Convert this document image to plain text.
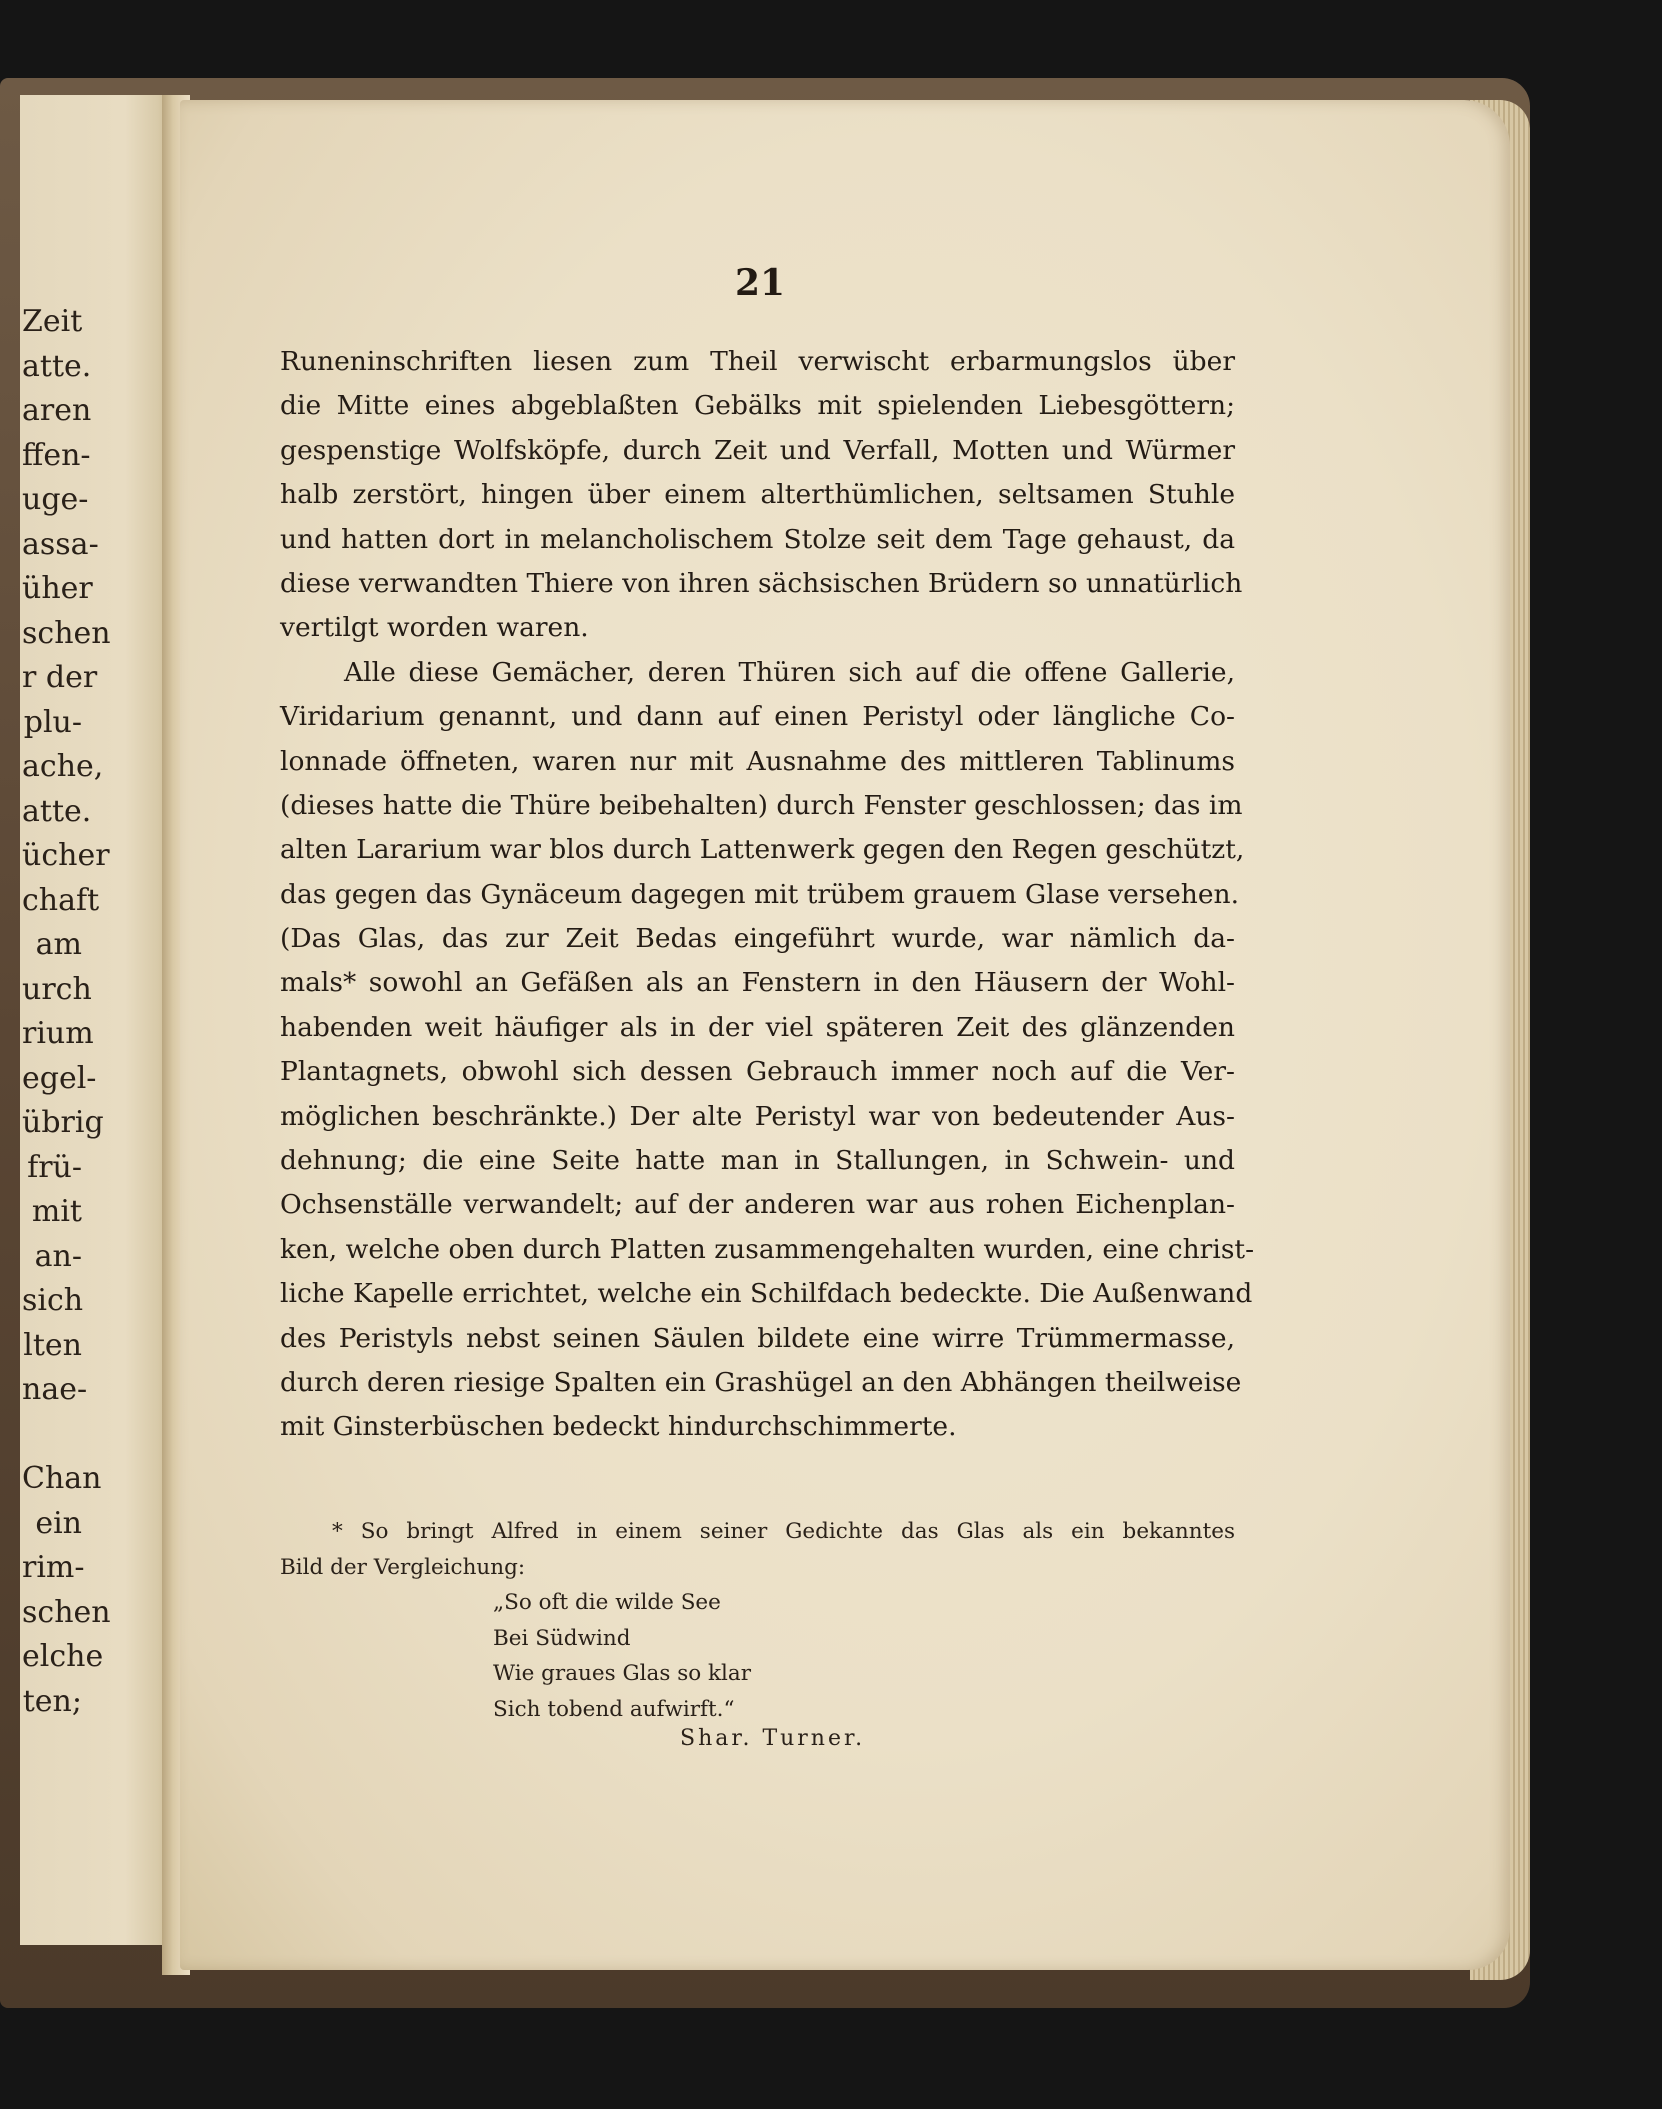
Zeit
atte.
aren
ffen-
uge-
assa-
üher
schen
r der
plu-
ache,
atte.
ücher
chaft
am
urch
rium
egel-
übrig
frü-
mit
an-
sich
lten
nae-
Chan
ein
rim-
schen
elche
ten;
21
Runeninschriften liesen zum Theil verwischt erbarmungslos über
die Mitte eines abgeblaßten Gebälks mit spielenden Liebesgöttern;
gespenstige Wolfsköpfe, durch Zeit und Verfall, Motten und Würmer
halb zerstört, hingen über einem alterthümlichen, seltsamen Stuhle
und hatten dort in melancholischem Stolze seit dem Tage gehaust, da
diese verwandten Thiere von ihren sächsischen Brüdern so unnatürlich
vertilgt worden waren.
Alle diese Gemächer, deren Thüren sich auf die offene Gallerie,
Viridarium genannt, und dann auf einen Peristyl oder längliche Co-
lonnade öffneten, waren nur mit Ausnahme des mittleren Tablinums
(dieses hatte die Thüre beibehalten) durch Fenster geschlossen; das im
alten Lararium war blos durch Lattenwerk gegen den Regen geschützt,
das gegen das Gynäceum dagegen mit trübem grauem Glase versehen.
(Das Glas, das zur Zeit Bedas eingeführt wurde, war nämlich da-
mals* sowohl an Gefäßen als an Fenstern in den Häusern der Wohl-
habenden weit häufiger als in der viel späteren Zeit des glänzenden
Plantagnets, obwohl sich dessen Gebrauch immer noch auf die Ver-
möglichen beschränkte.) Der alte Peristyl war von bedeutender Aus-
dehnung; die eine Seite hatte man in Stallungen, in Schwein- und
Ochsenställe verwandelt; auf der anderen war aus rohen Eichenplan-
ken, welche oben durch Platten zusammengehalten wurden, eine christ-
liche Kapelle errichtet, welche ein Schilfdach bedeckte. Die Außenwand
des Peristyls nebst seinen Säulen bildete eine wirre Trümmermasse,
durch deren riesige Spalten ein Grashügel an den Abhängen theilweise
mit Ginsterbüschen bedeckt hindurchschimmerte.
* So bringt Alfred in einem seiner Gedichte das Glas als ein bekanntes
Bild der Vergleichung:
„So oft die wilde See
Bei Südwind
Wie graues Glas so klar
Sich tobend aufwirft.“
Shar. Turner.
